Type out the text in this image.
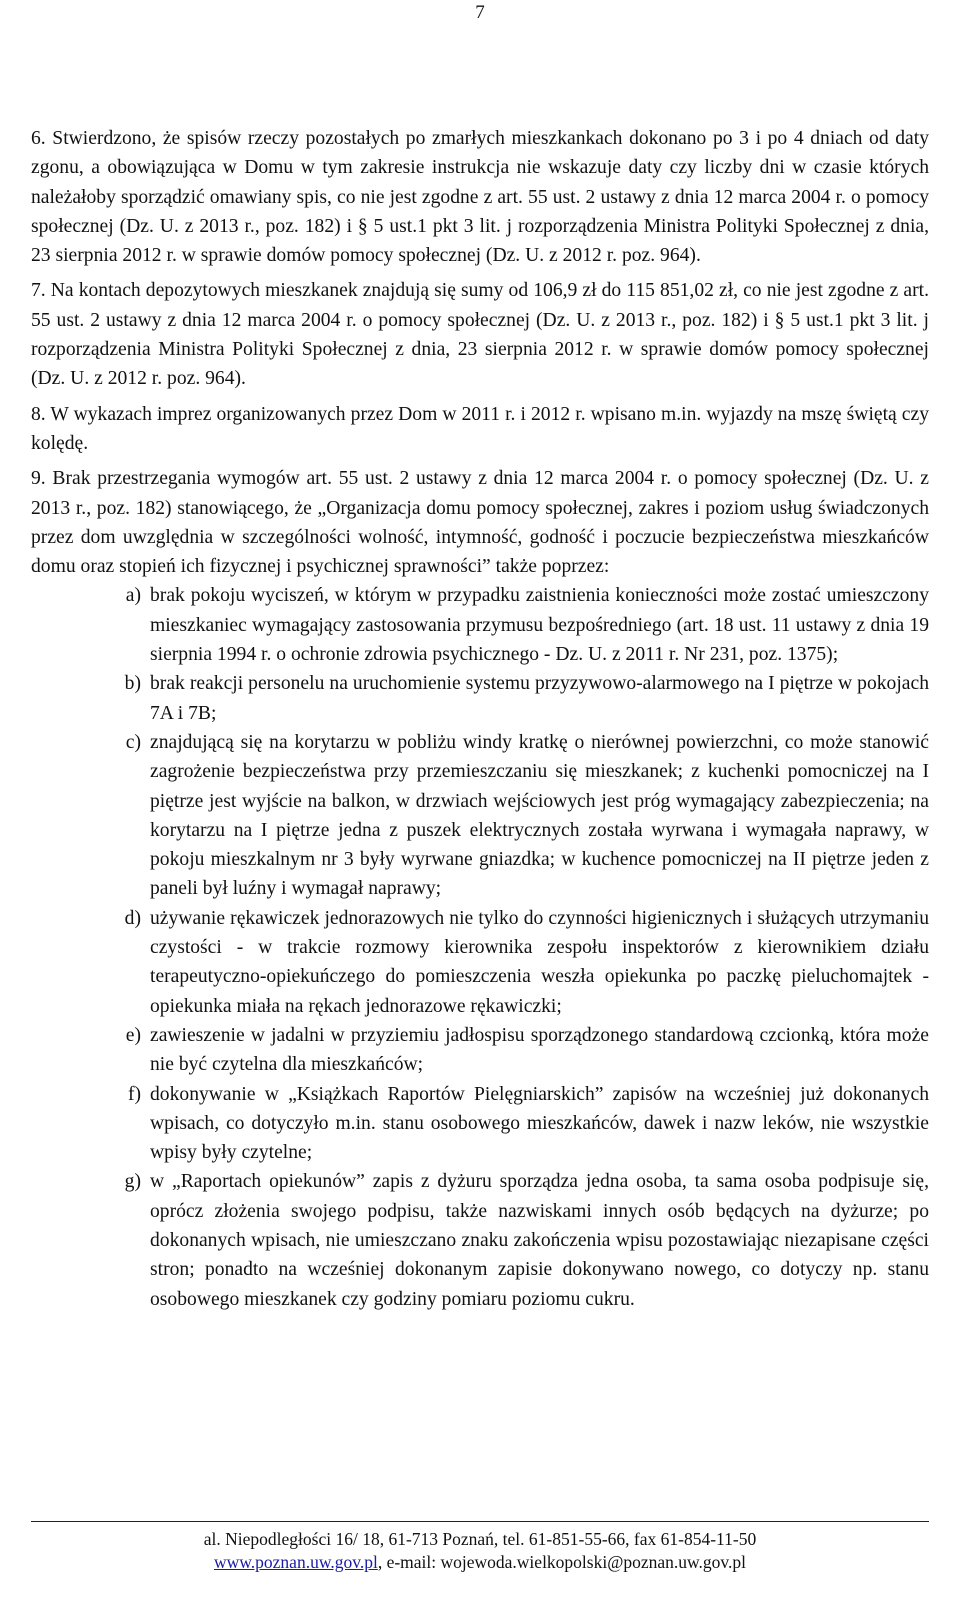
7

6. Stwierdzono, że spisów rzeczy pozostałych po zmarłych mieszkankach dokonano po 3 i po 4 dniach od daty zgonu, a obowiązująca w Domu w tym zakresie instrukcja nie wskazuje daty czy liczby dni w czasie których należałoby sporządzić omawiany spis, co nie jest zgodne z art. 55 ust. 2 ustawy z dnia 12 marca 2004 r. o pomocy społecznej (Dz. U. z 2013 r., poz. 182) i § 5 ust.1 pkt 3 lit. j rozporządzenia Ministra Polityki Społecznej z dnia, 23 sierpnia 2012 r. w sprawie domów pomocy społecznej (Dz. U. z 2012 r. poz. 964).

7. Na kontach depozytowych mieszkanek znajdują się sumy od 106,9 zł do 115 851,02 zł, co nie jest zgodne z art. 55 ust. 2 ustawy z dnia 12 marca 2004 r. o pomocy społecznej (Dz. U. z 2013 r., poz. 182) i § 5 ust.1 pkt 3 lit. j rozporządzenia Ministra Polityki Społecznej z dnia, 23 sierpnia 2012 r. w sprawie domów pomocy społecznej (Dz. U. z 2012 r. poz. 964).

8. W wykazach imprez organizowanych przez Dom w 2011 r. i 2012 r. wpisano m.in. wyjazdy na mszę świętą czy kolędę.

9. Brak przestrzegania wymogów art. 55 ust. 2 ustawy z dnia 12 marca 2004 r. o pomocy społecznej (Dz. U. z 2013 r., poz. 182) stanowiącego, że „Organizacja domu pomocy społecznej, zakres i poziom usług świadczonych przez dom uwzględnia w szczególności wolność, intymność, godność i poczucie bezpieczeństwa mieszkańców domu oraz stopień ich fizycznej i psychicznej sprawności” także poprzez:

a) brak pokoju wyciszeń, w którym w przypadku zaistnienia konieczności może zostać umieszczony mieszkaniec wymagający zastosowania przymusu bezpośredniego (art. 18 ust. 11 ustawy z dnia 19 sierpnia 1994 r. o ochronie zdrowia psychicznego - Dz. U. z 2011 r. Nr 231, poz. 1375);
b) brak reakcji personelu na uruchomienie systemu przyzywowo-alarmowego na I piętrze w pokojach 7A i 7B;
c) znajdującą się na korytarzu w pobliżu windy kratkę o nierównej powierzchni, co może stanowić zagrożenie bezpieczeństwa przy przemieszczaniu się mieszkanek; z kuchenki pomocniczej na I piętrze jest wyjście na balkon, w drzwiach wejściowych jest próg wymagający zabezpieczenia; na korytarzu na I piętrze jedna z puszek elektrycznych została wyrwana i wymagała naprawy, w pokoju mieszkalnym nr 3 były wyrwane gniazdka; w kuchence pomocniczej na II piętrze jeden z paneli był luźny i wymagał naprawy;
d) używanie rękawiczek jednorazowych nie tylko do czynności higienicznych i służących utrzymaniu czystości - w trakcie rozmowy kierownika zespołu inspektorów z kierownikiem działu terapeutyczno-opiekuńczego do pomieszczenia weszła opiekunka po paczkę pieluchomajtek - opiekunka miała na rękach jednorazowe rękawiczki;
e) zawieszenie w jadalni w przyziemiu jadłospisu sporządzonego standardową czcionką, która może nie być czytelna dla mieszkańców;
f) dokonywanie w „Książkach Raportów Pielęgniarskich” zapisów na wcześniej już dokonanych wpisach, co dotyczyło m.in. stanu osobowego mieszkańców, dawek i nazw leków, nie wszystkie wpisy były czytelne;
g) w „Raportach opiekunów” zapis z dyżuru sporządza jedna osoba, ta sama osoba podpisuje się, oprócz złożenia swojego podpisu, także nazwiskami innych osób będących na dyżurze; po dokonanych wpisach, nie umieszczano znaku zakończenia wpisu pozostawiając niezapisane części stron; ponadto na wcześniej dokonanym zapisie dokonywano nowego, co dotyczy np. stanu osobowego mieszkanek czy godziny pomiaru poziomu cukru.
al. Niepodległości 16/ 18, 61-713 Poznań, tel. 61-851-55-66, fax 61-854-11-50
www.poznan.uw.gov.pl, e-mail: wojewoda.wielkopolski@poznan.uw.gov.pl
